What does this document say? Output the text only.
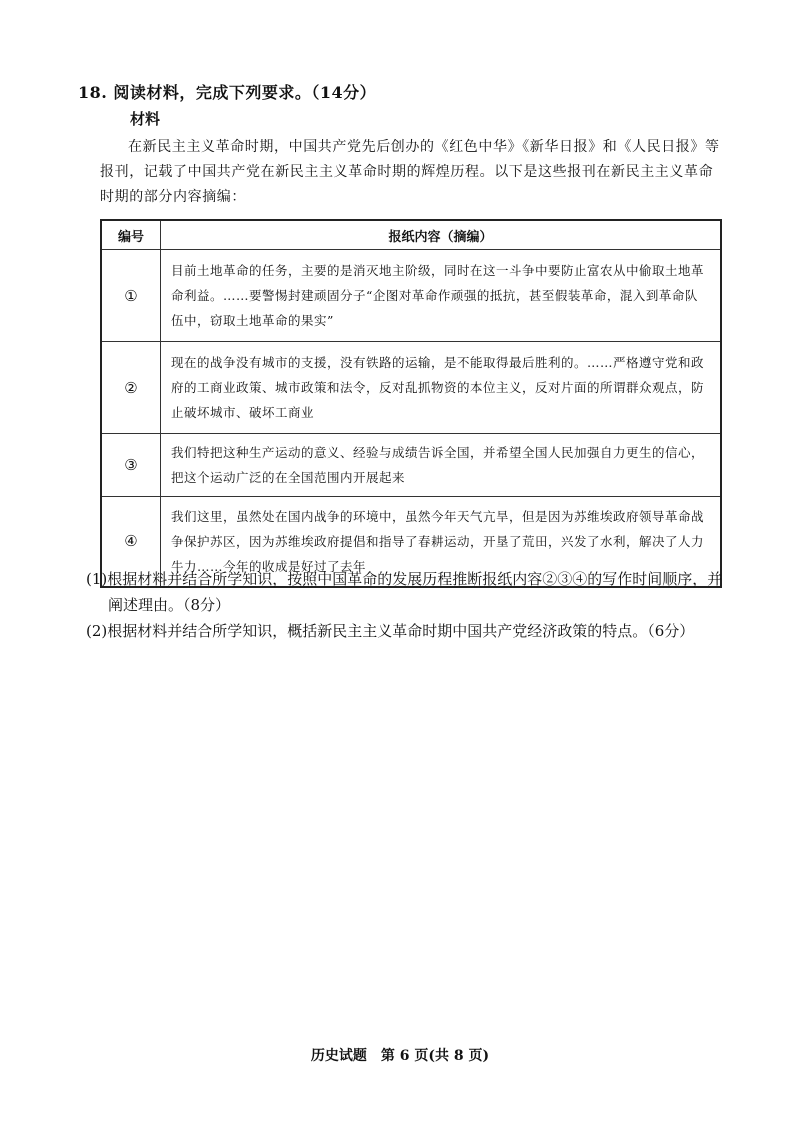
18. 阅读材料，完成下列要求。（14分）
材料
在新民主主义革命时期，中国共产党先后创办的《红色中华》《新华日报》和《人民日报》等报刊，记载了中国共产党在新民主主义革命时期的辉煌历程。以下是这些报刊在新民主主义革命时期的部分内容摘编：
编号	报纸内容（摘编）
①	目前土地革命的任务，主要的是消灭地主阶级，同时在这一斗争中要防止富农从中偷取土地革命利益。……要警惕封建顽固分子“企图对革命作顽强的抵抗，甚至假装革命，混入到革命队伍中，窃取土地革命的果实”
②	现在的战争没有城市的支援，没有铁路的运输，是不能取得最后胜利的。……严格遵守党和政府的工商业政策、城市政策和法令，反对乱抓物资的本位主义，反对片面的所谓群众观点，防止破坏城市、破坏工商业
③	我们特把这种生产运动的意义、经验与成绩告诉全国，并希望全国人民加强自力更生的信心，把这个运动广泛的在全国范围内开展起来
④	我们这里，虽然处在国内战争的环境中，虽然今年天气亢旱，但是因为苏维埃政府领导革命战争保护苏区，因为苏维埃政府提倡和指导了春耕运动，开垦了荒田，兴发了水利，解决了人力牛力……今年的收成是好过了去年

(1)根据材料并结合所学知识，按照中国革命的发展历程推断报纸内容②③④的写作时间顺序，并阐述理由。（8分）

(2)根据材料并结合所学知识，概括新民主主义革命时期中国共产党经济政策的特点。（6分）

历史试题　第 6 页(共 8 页)
